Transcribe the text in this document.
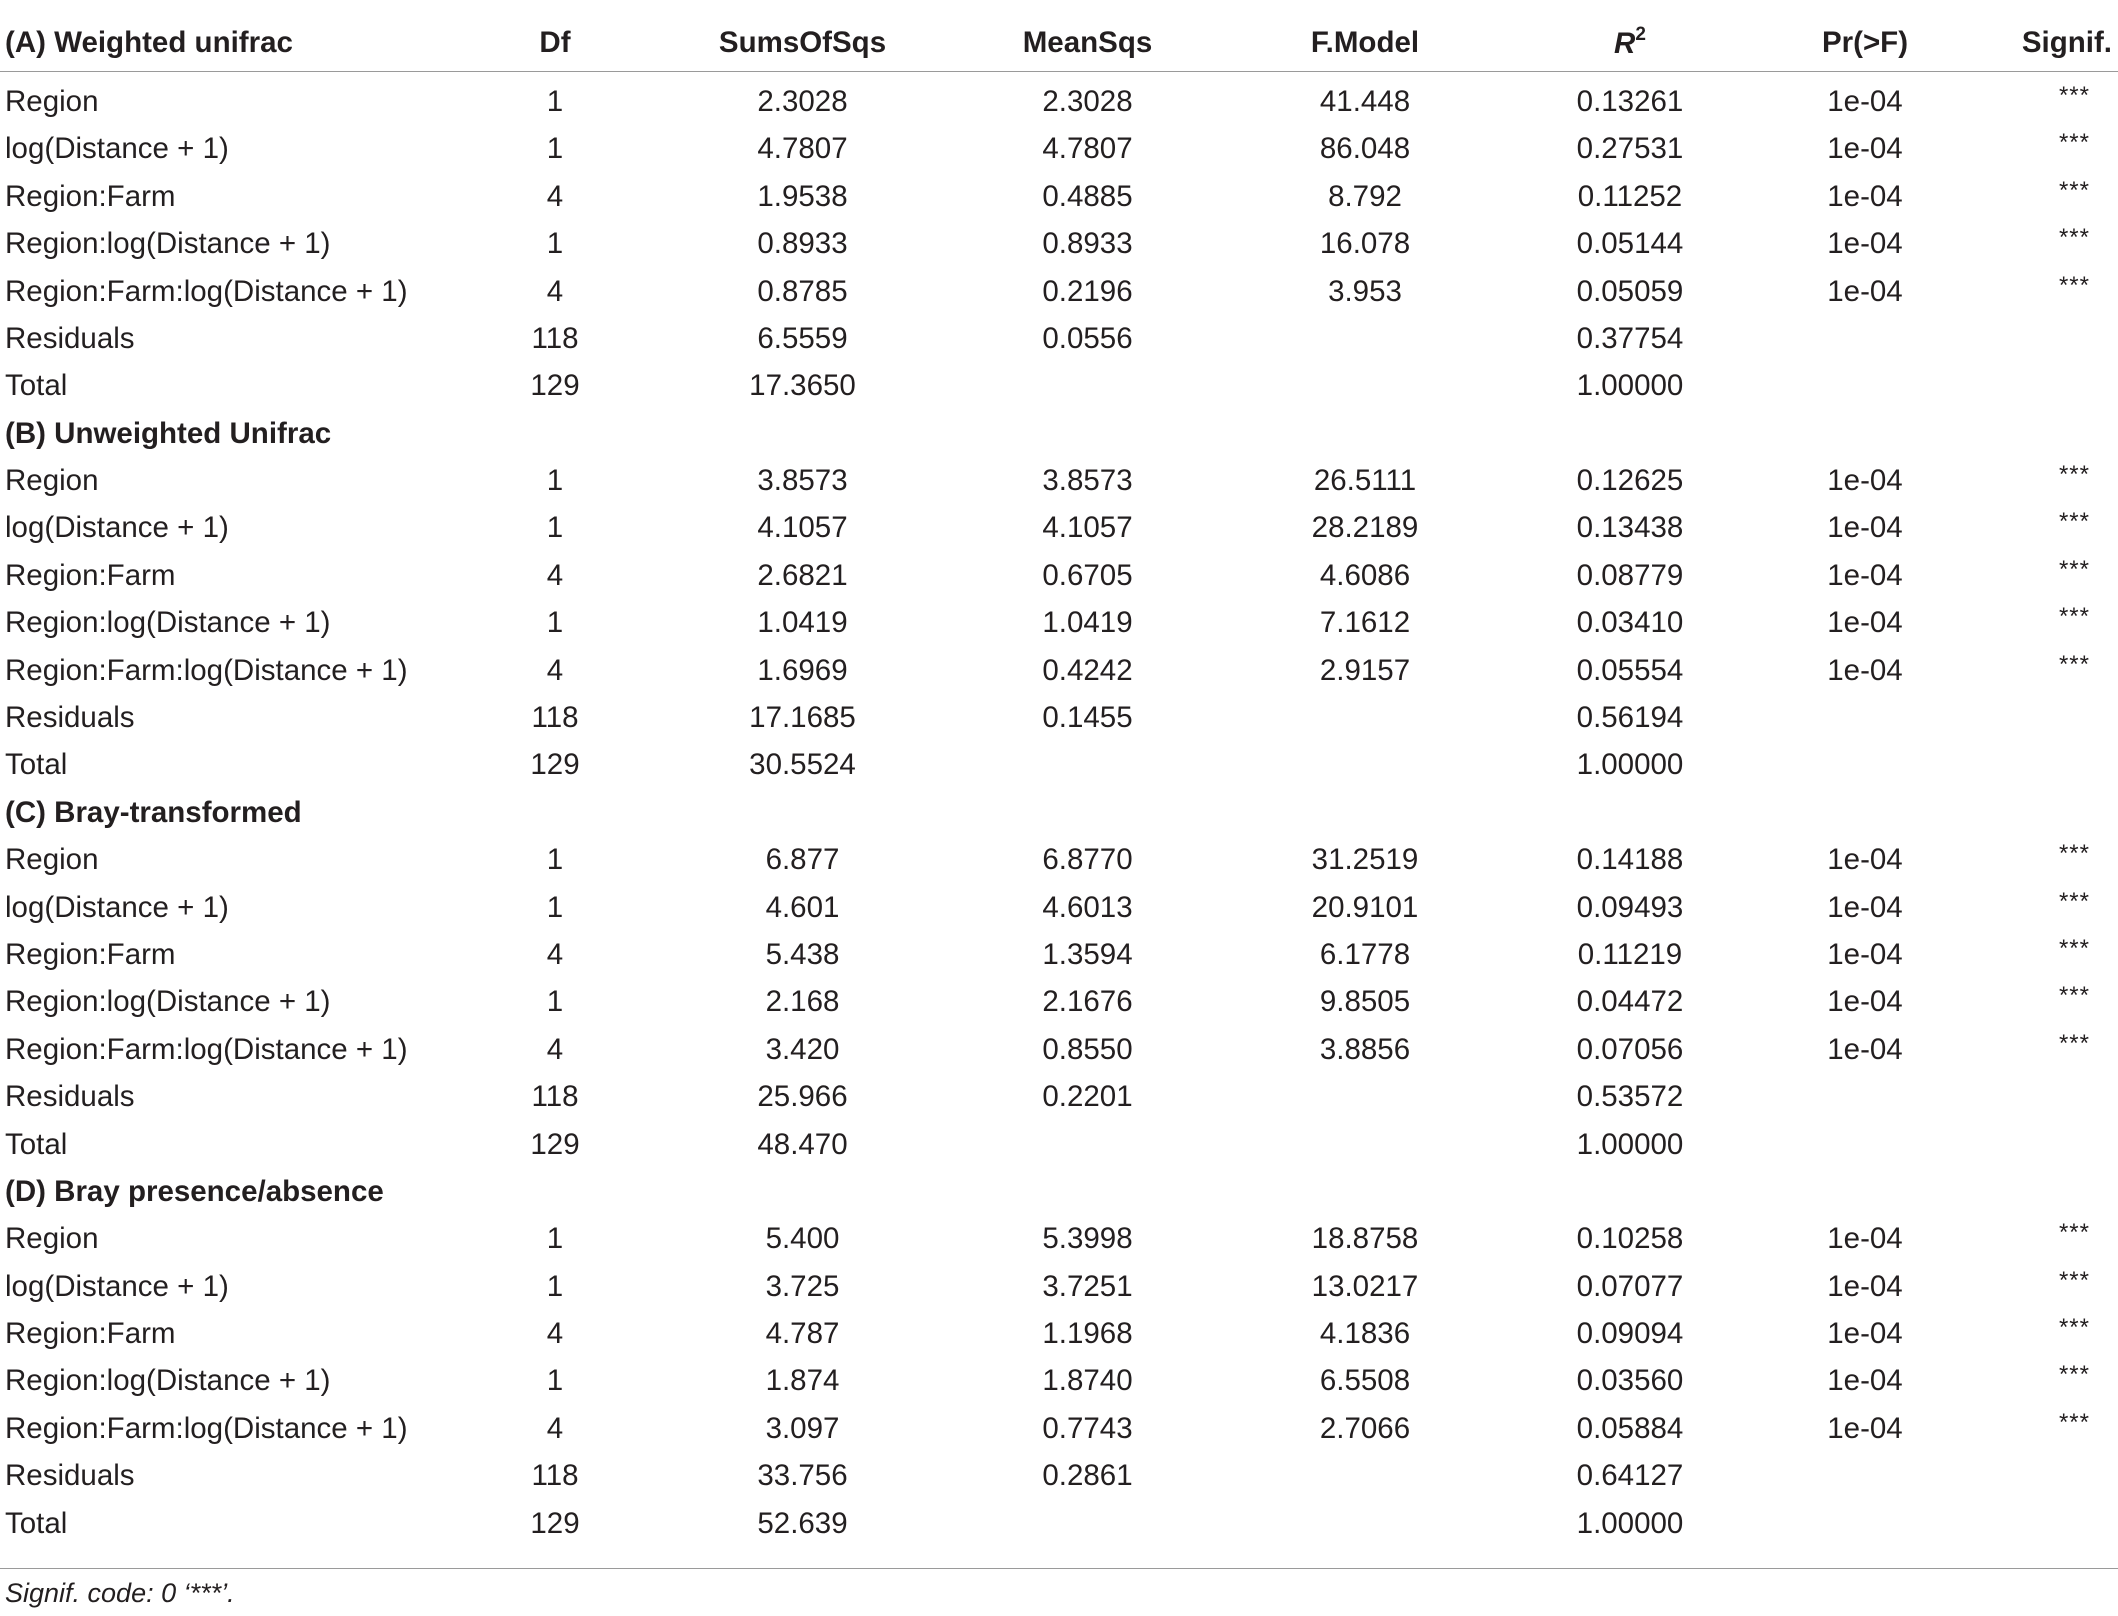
(A) Weighted unifrac	Df	SumsOfSqs	MeanSqs	F.Model	$R^2$	Pr(>F)	Signif.
Region	1	2.3028	2.3028	41.448	0.13261	1e-04	***
log(Distance + 1)	1	4.7807	4.7807	86.048	0.27531	1e-04	***
Region:Farm	4	1.9538	0.4885	8.792	0.11252	1e-04	***
Region:log(Distance + 1)	1	0.8933	0.8933	16.078	0.05144	1e-04	***
Region:Farm:log(Distance + 1)	4	0.8785	0.2196	3.953	0.05059	1e-04	***
Residuals	118	6.5559	0.0556		0.37754		
Total	129	17.3650			1.00000		
(B) Unweighted Unifrac							
Region	1	3.8573	3.8573	26.5111	0.12625	1e-04	***
log(Distance + 1)	1	4.1057	4.1057	28.2189	0.13438	1e-04	***
Region:Farm	4	2.6821	0.6705	4.6086	0.08779	1e-04	***
Region:log(Distance + 1)	1	1.0419	1.0419	7.1612	0.03410	1e-04	***
Region:Farm:log(Distance + 1)	4	1.6969	0.4242	2.9157	0.05554	1e-04	***
Residuals	118	17.1685	0.1455		0.56194		
Total	129	30.5524			1.00000		
(C) Bray-transformed							
Region	1	6.877	6.8770	31.2519	0.14188	1e-04	***
log(Distance + 1)	1	4.601	4.6013	20.9101	0.09493	1e-04	***
Region:Farm	4	5.438	1.3594	6.1778	0.11219	1e-04	***
Region:log(Distance + 1)	1	2.168	2.1676	9.8505	0.04472	1e-04	***
Region:Farm:log(Distance + 1)	4	3.420	0.8550	3.8856	0.07056	1e-04	***
Residuals	118	25.966	0.2201		0.53572		
Total	129	48.470			1.00000		
(D) Bray presence/absence							
Region	1	5.400	5.3998	18.8758	0.10258	1e-04	***
log(Distance + 1)	1	3.725	3.7251	13.0217	0.07077	1e-04	***
Region:Farm	4	4.787	1.1968	4.1836	0.09094	1e-04	***
Region:log(Distance + 1)	1	1.874	1.8740	6.5508	0.03560	1e-04	***
Region:Farm:log(Distance + 1)	4	3.097	0.7743	2.7066	0.05884	1e-04	***
Residuals	118	33.756	0.2861		0.64127		
Total	129	52.639			1.00000		
Signif. code: 0 ‘***’.
